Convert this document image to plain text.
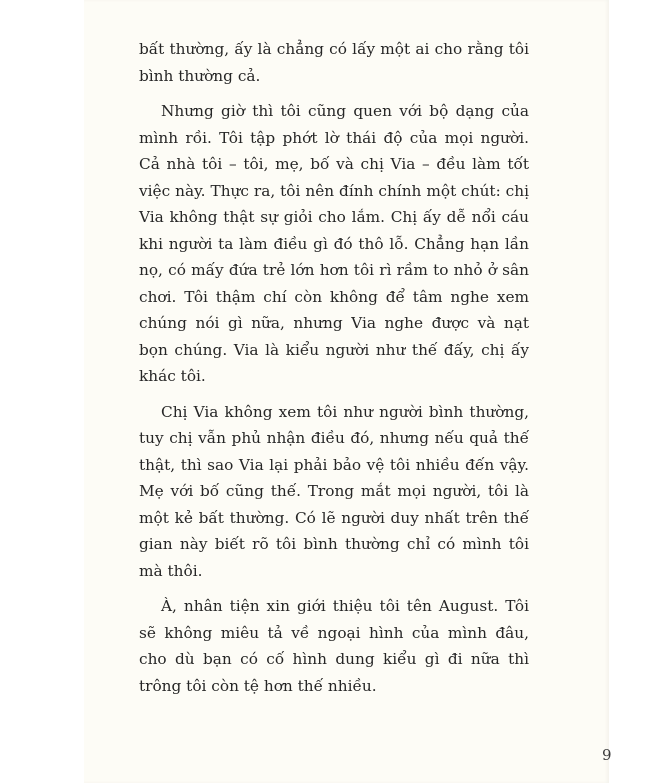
bất thường, ấy là chẳng có lấy một ai cho rằng tôi bình thường cả.

Nhưng giờ thì tôi cũng quen với bộ dạng của mình rồi. Tôi tập phớt lờ thái độ của mọi người. Cả nhà tôi – tôi, mẹ, bố và chị Via – đều làm tốt việc này. Thực ra, tôi nên đính chính một chút: chị Via không thật sự giỏi cho lắm. Chị ấy dễ nổi cáu khi người ta làm điều gì đó thô lỗ. Chẳng hạn lần nọ, có mấy đứa trẻ lớn hơn tôi rì rầm to nhỏ ở sân chơi. Tôi thậm chí còn không để tâm nghe xem chúng nói gì nữa, nhưng Via nghe được và nạt bọn chúng. Via là kiểu người như thế đấy, chị ấy khác tôi.

Chị Via không xem tôi như người bình thường, tuy chị vẫn phủ nhận điều đó, nhưng nếu quả thế thật, thì sao Via lại phải bảo vệ tôi nhiều đến vậy. Mẹ với bố cũng thế. Trong mắt mọi người, tôi là một kẻ bất thường. Có lẽ người duy nhất trên thế gian này biết rõ tôi bình thường chỉ có mình tôi mà thôi.

À, nhân tiện xin giới thiệu tôi tên August. Tôi sẽ không miêu tả về ngoại hình của mình đâu, cho dù bạn có cố hình dung kiểu gì đi nữa thì trông tôi còn tệ hơn thế nhiều.

9
